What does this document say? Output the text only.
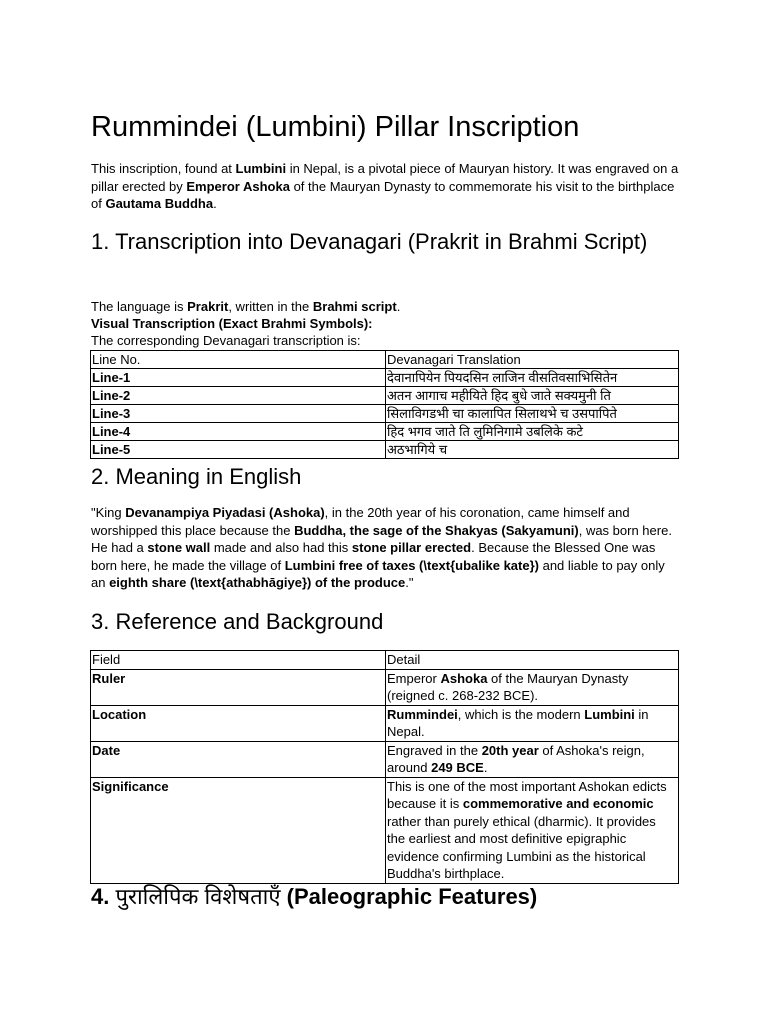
Rummindei (Lumbini) Pillar Inscription
This inscription, found at Lumbini in Nepal, is a pivotal piece of Mauryan history. It was engraved on a pillar erected by Emperor Ashoka of the Mauryan Dynasty to commemorate his visit to the birthplace of Gautama Buddha.
1. Transcription into Devanagari (Prakrit in Brahmi Script)
The language is Prakrit, written in the Brahmi script.
Visual Transcription (Exact Brahmi Symbols):
The corresponding Devanagari transcription is:
Line No.	Devanagari Translation
Line-1	देवानापियेन पियदसिन लाजिन वीसतिवसाभिसितेन
Line-2	अतन आगाच महीयिते हिद बुधे जाते सक्यमुनी ति
Line-3	सिलाविगडभी चा कालापित सिलाथभे च उसपापिते
Line-4	हिद भगव जाते ति लुमिनिगामे उबलिके कटे
Line-5	अठभागिये च
2. Meaning in English
"King Devanampiya Piyadasi (Ashoka), in the 20th year of his coronation, came himself and worshipped this place because the Buddha, the sage of the Shakyas (Sakyamuni), was born here. He had a stone wall made and also had this stone pillar erected. Because the Blessed One was born here, he made the village of Lumbini free of taxes (\text{ubalike kate}) and liable to pay only an eighth share (\text{athabhāgiye}) of the produce."
3. Reference and Background
Field	Detail
Ruler	Emperor Ashoka of the Mauryan Dynasty (reigned c. 268-232 BCE).
Location	Rummindei, which is the modern Lumbini in Nepal.
Date	Engraved in the 20th year of Ashoka's reign, around 249 BCE.
Significance	This is one of the most important Ashokan edicts because it is commemorative and economic rather than purely ethical (dharmic). It provides the earliest and most definitive epigraphic evidence confirming Lumbini as the historical Buddha's birthplace.
4. पुरालिपिक विशेषताएँ (Paleographic Features)
